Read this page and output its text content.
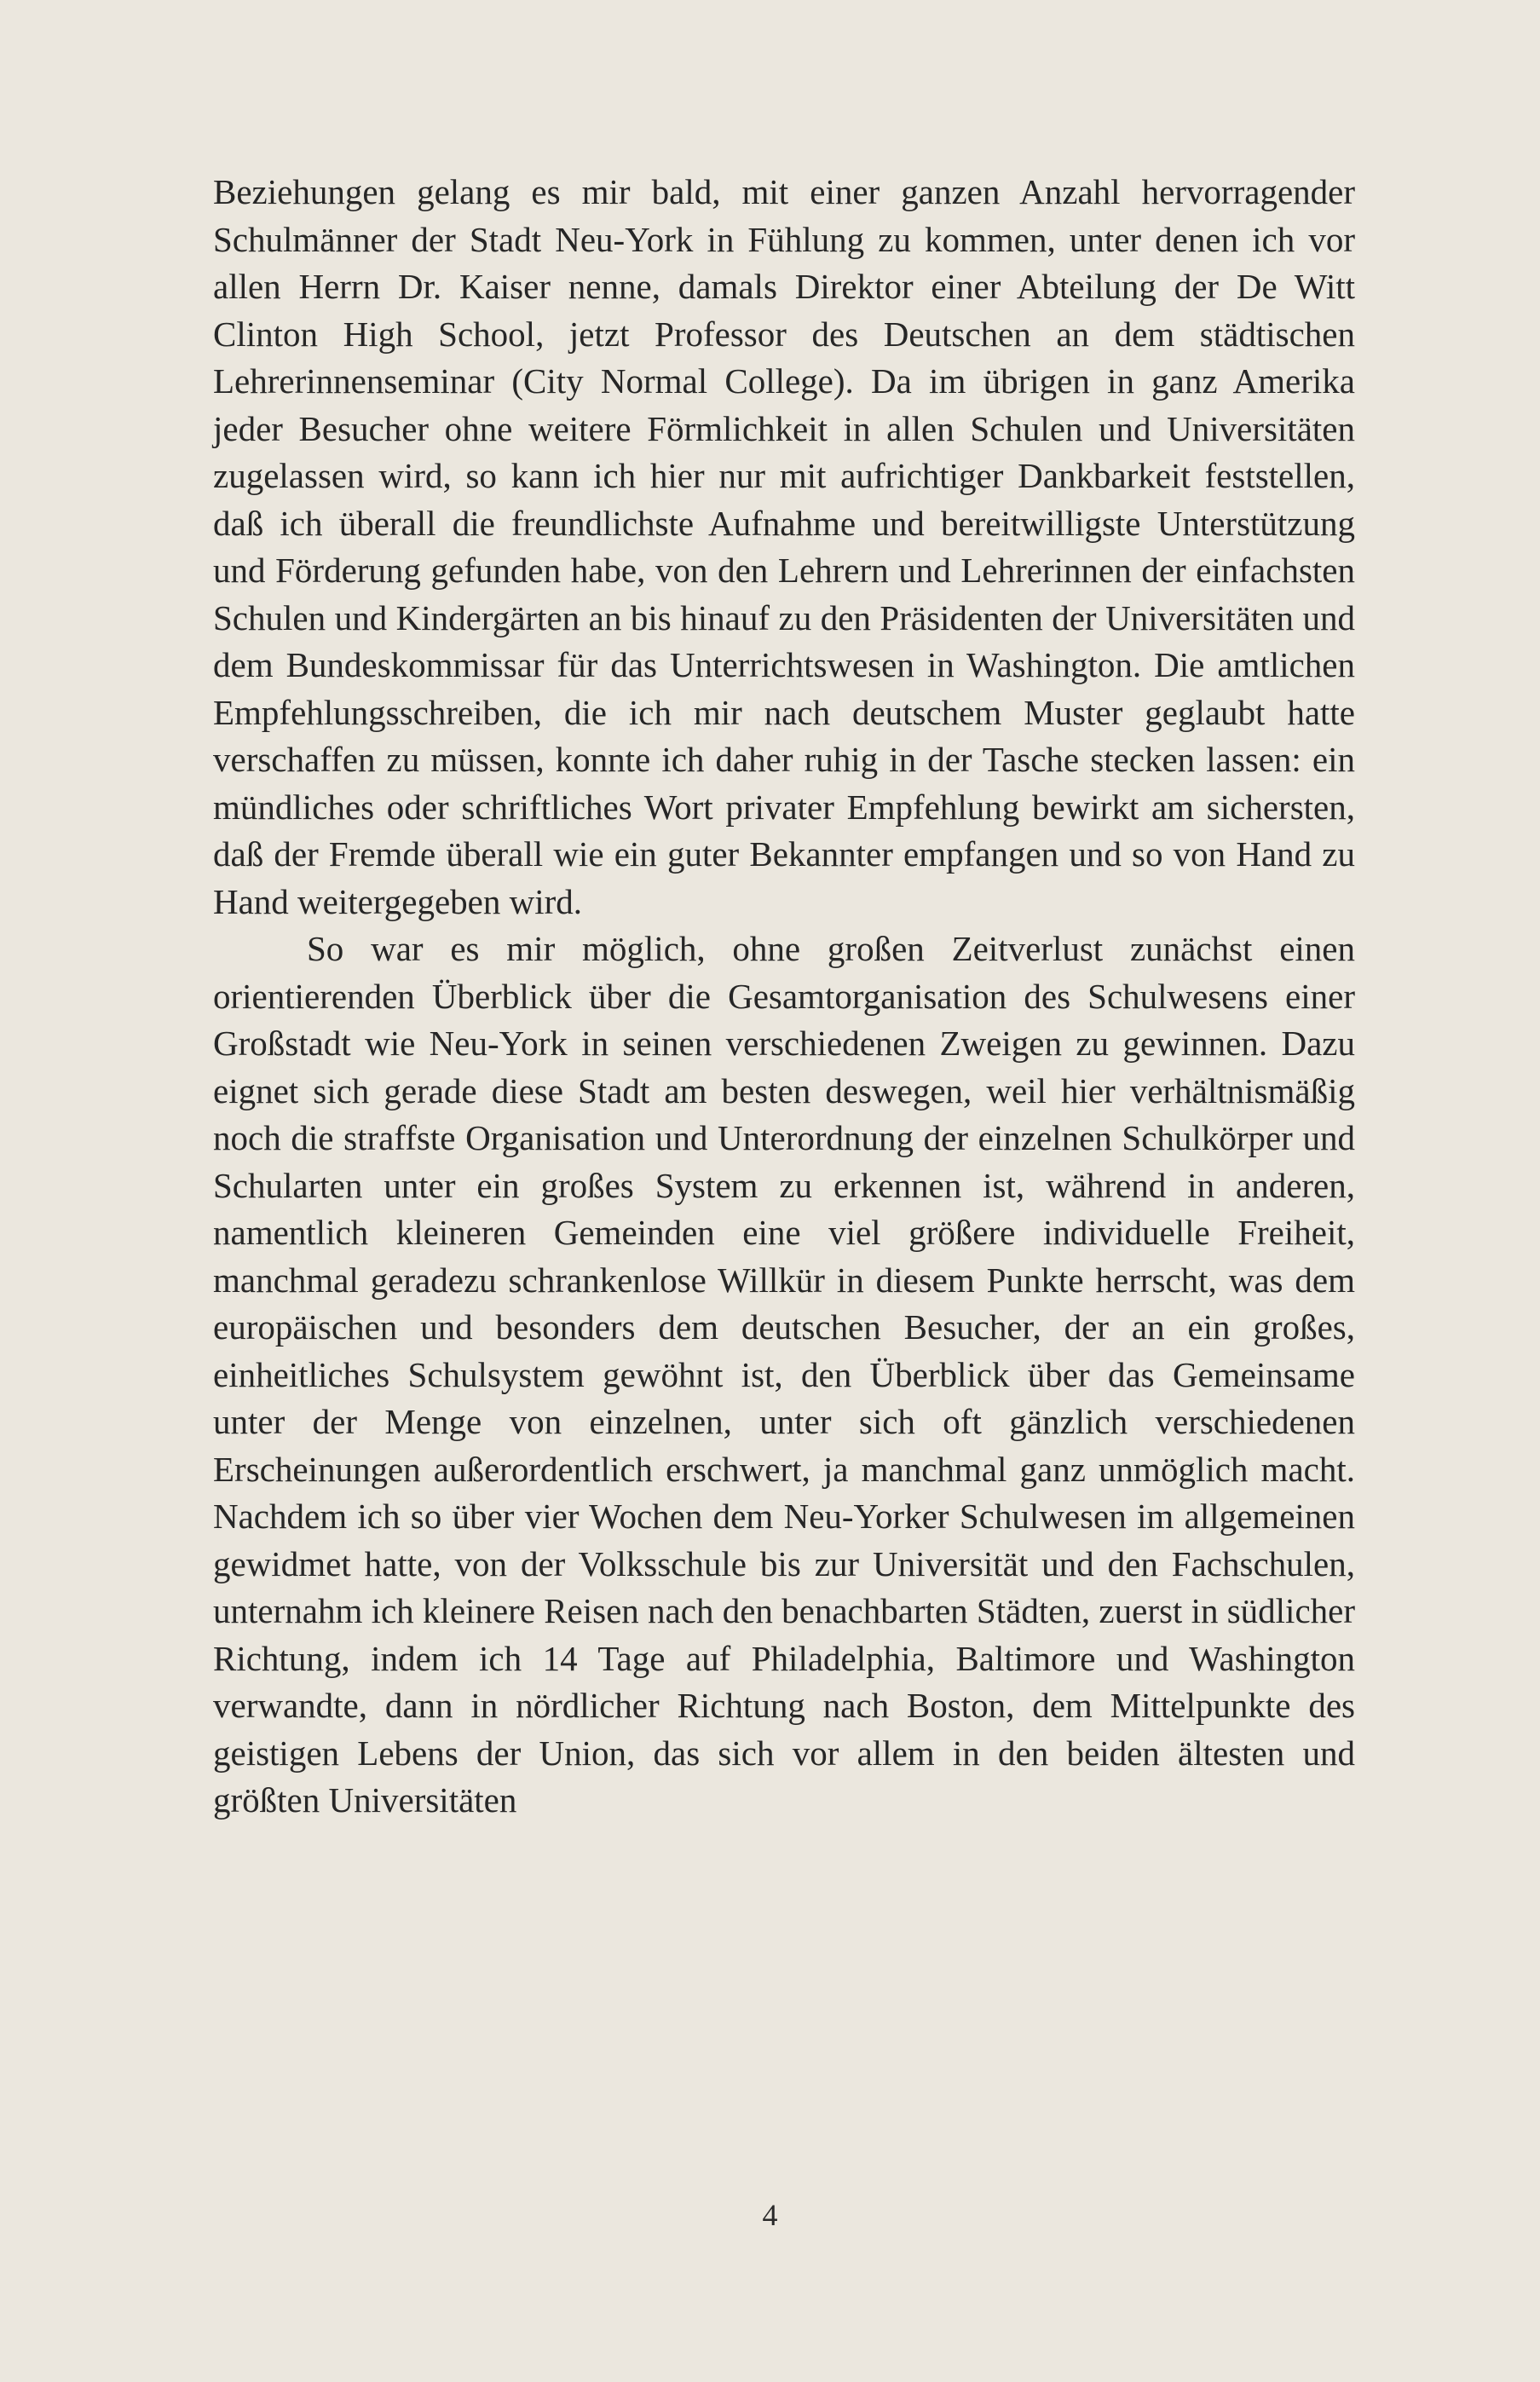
Beziehungen gelang es mir bald, mit einer ganzen Anzahl hervorragender Schulmänner der Stadt Neu-York in Fühlung zu kommen, unter denen ich vor allen Herrn Dr. Kaiser nenne, damals Direktor einer Abteilung der De Witt Clinton High School, jetzt Professor des Deutschen an dem städtischen Lehrerinnenseminar (City Normal College). Da im übrigen in ganz Amerika jeder Besucher ohne weitere Förmlichkeit in allen Schulen und Universitäten zugelassen wird, so kann ich hier nur mit aufrichtiger Dankbarkeit feststellen, daß ich überall die freundlichste Aufnahme und bereitwilligste Unterstützung und Förderung gefunden habe, von den Lehrern und Lehrerinnen der einfachsten Schulen und Kindergärten an bis hinauf zu den Präsidenten der Universitäten und dem Bundeskommissar für das Unterrichtswesen in Washington. Die amtlichen Empfehlungsschreiben, die ich mir nach deutschem Muster geglaubt hatte verschaffen zu müssen, konnte ich daher ruhig in der Tasche stecken lassen: ein mündliches oder schriftliches Wort privater Empfehlung bewirkt am sichersten, daß der Fremde überall wie ein guter Bekannter empfangen und so von Hand zu Hand weitergegeben wird.

So war es mir möglich, ohne großen Zeitverlust zunächst einen orientierenden Überblick über die Gesamtorganisation des Schulwesens einer Großstadt wie Neu-York in seinen verschiedenen Zweigen zu gewinnen. Dazu eignet sich gerade diese Stadt am besten deswegen, weil hier verhältnismäßig noch die straffste Organisation und Unterordnung der einzelnen Schulkörper und Schularten unter ein großes System zu erkennen ist, während in anderen, namentlich kleineren Gemeinden eine viel größere individuelle Freiheit, manchmal geradezu schrankenlose Willkür in diesem Punkte herrscht, was dem europäischen und besonders dem deutschen Besucher, der an ein großes, einheitliches Schulsystem gewöhnt ist, den Überblick über das Gemeinsame unter der Menge von einzelnen, unter sich oft gänzlich verschiedenen Erscheinungen außerordentlich erschwert, ja manchmal ganz unmöglich macht. Nachdem ich so über vier Wochen dem Neu-Yorker Schulwesen im allgemeinen gewidmet hatte, von der Volksschule bis zur Universität und den Fachschulen, unternahm ich kleinere Reisen nach den benachbarten Städten, zuerst in südlicher Richtung, indem ich 14 Tage auf Philadelphia, Baltimore und Washington verwandte, dann in nördlicher Richtung nach Boston, dem Mittelpunkte des geistigen Lebens der Union, das sich vor allem in den beiden ältesten und größten Universitäten

4
